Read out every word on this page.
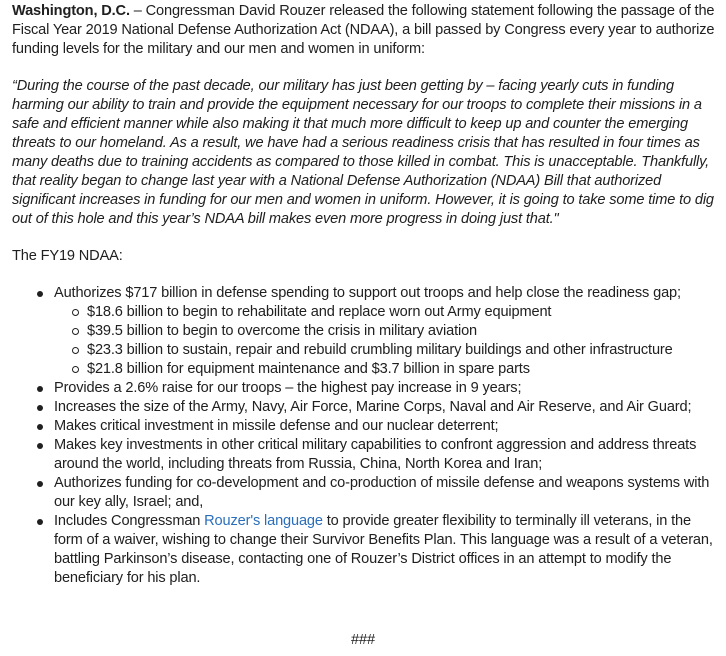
Washington, D.C. – Congressman David Rouzer released the following statement following the passage of the Fiscal Year 2019 National Defense Authorization Act (NDAA), a bill passed by Congress every year to authorize funding levels for the military and our men and women in uniform:

“During the course of the past decade, our military has just been getting by – facing yearly cuts in funding harming our ability to train and provide the equipment necessary for our troops to complete their missions in a safe and efficient manner while also making it that much more difficult to keep up and counter the emerging threats to our homeland. As a result, we have had a serious readiness crisis that has resulted in four times as many deaths due to training accidents as compared to those killed in combat. This is unacceptable. Thankfully, that reality began to change last year with a National Defense Authorization (NDAA) Bill that authorized significant increases in funding for our men and women in uniform. However, it is going to take some time to dig out of this hole and this year’s NDAA bill makes even more progress in doing just that."

The FY19 NDAA:

Authorizes $717 billion in defense spending to support out troops and help close the readiness gap;
$18.6 billion to begin to rehabilitate and replace worn out Army equipment
$39.5 billion to begin to overcome the crisis in military aviation
$23.3 billion to sustain, repair and rebuild crumbling military buildings and other infrastructure
$21.8 billion for equipment maintenance and $3.7 billion in spare parts
Provides a 2.6% raise for our troops – the highest pay increase in 9 years;
Increases the size of the Army, Navy, Air Force, Marine Corps, Naval and Air Reserve, and Air Guard;
Makes critical investment in missile defense and our nuclear deterrent;
Makes key investments in other critical military capabilities to confront aggression and address threats around the world, including threats from Russia, China, North Korea and Iran;
Authorizes funding for co-development and co-production of missile defense and weapons systems with our key ally, Israel; and,
Includes Congressman Rouzer's language to provide greater flexibility to terminally ill veterans, in the form of a waiver, wishing to change their Survivor Benefits Plan. This language was a result of a veteran, battling Parkinson’s disease, contacting one of Rouzer’s District offices in an attempt to modify the beneficiary for his plan.
###
